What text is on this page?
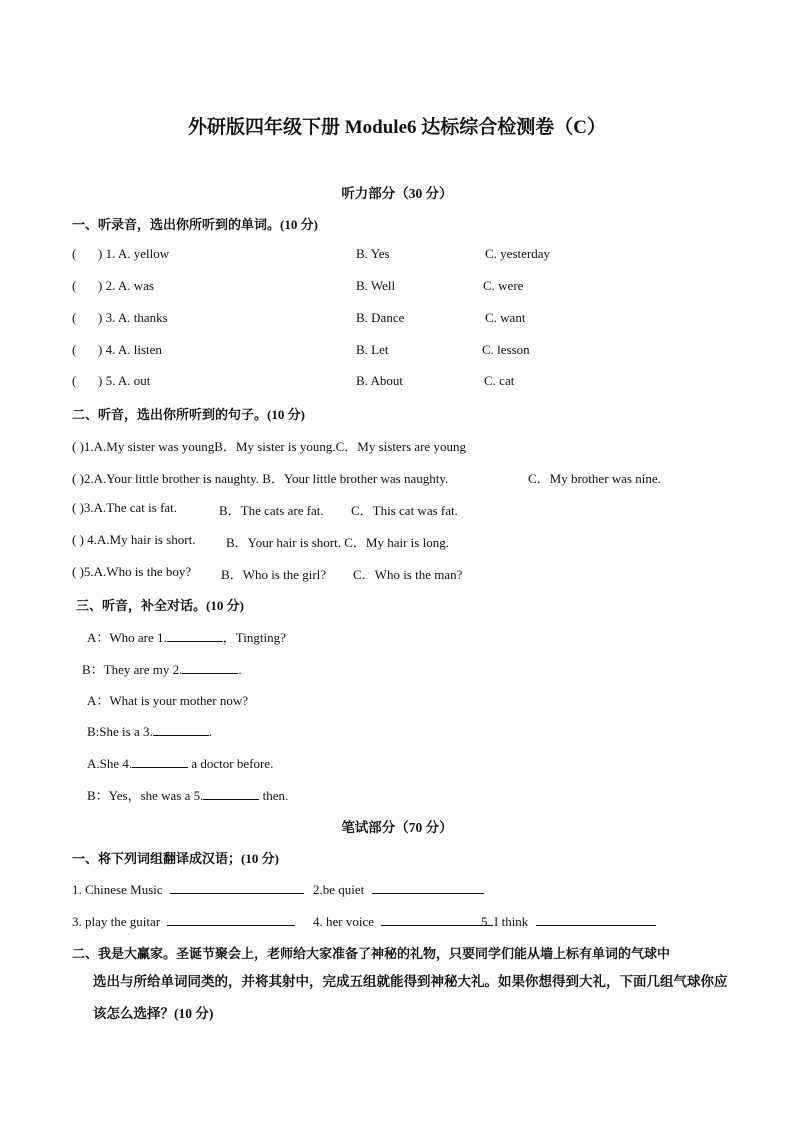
外研版四年级下册 Module6 达标综合检测卷（C）
听力部分（30 分）
一、听录音，选出你所听到的单词。(10 分)
( ) 1. A. yellow	B. Yes	C. yesterday
( ) 2. A. was	B. Well	C. were
( ) 3. A. thanks	B. Dance	C. want
( ) 4. A. listen	B. Let	C. lesson
( ) 5. A. out	B. About	C. cat
二、听音，选出你所听到的句子。(10 分)
( )1.A.My sister was youngB．My sister is young.C．My sisters are young
( )2.A.Your little brother is naughty. B．Your little brother was naughty.	C．My brother was nine.
( )3.A.The cat is fat.	B．The cats are fat. C．This cat was fat.
( ) 4.A.My hair is short. B．Your hair is short. C．My hair is long.
( )5.A.Who is the boy? B．Who is the girl? C．Who is the man?
三、听音，补全对话。(10 分)
A：Who are 1.	，Tingting?
B：They are my 2.	.
A：What is your mother now?
B:She is a 3.	.
A.She 4.	a doctor before.
B：Yes，she was a 5.	then.
笔试部分（70 分）
一、将下列词组翻译成汉语；(10 分)
1. Chinese Music	2.be quiet
3. play the guitar	4. her voice	5. I think
二、我是大赢家。圣诞节聚会上，老师给大家准备了神秘的礼物，只要同学们能从墙上标有单词的气球中
选出与所给单词同类的，并将其射中，完成五组就能得到神秘大礼。如果你想得到大礼，下面几组气球你应该怎么选择？(10 分)
